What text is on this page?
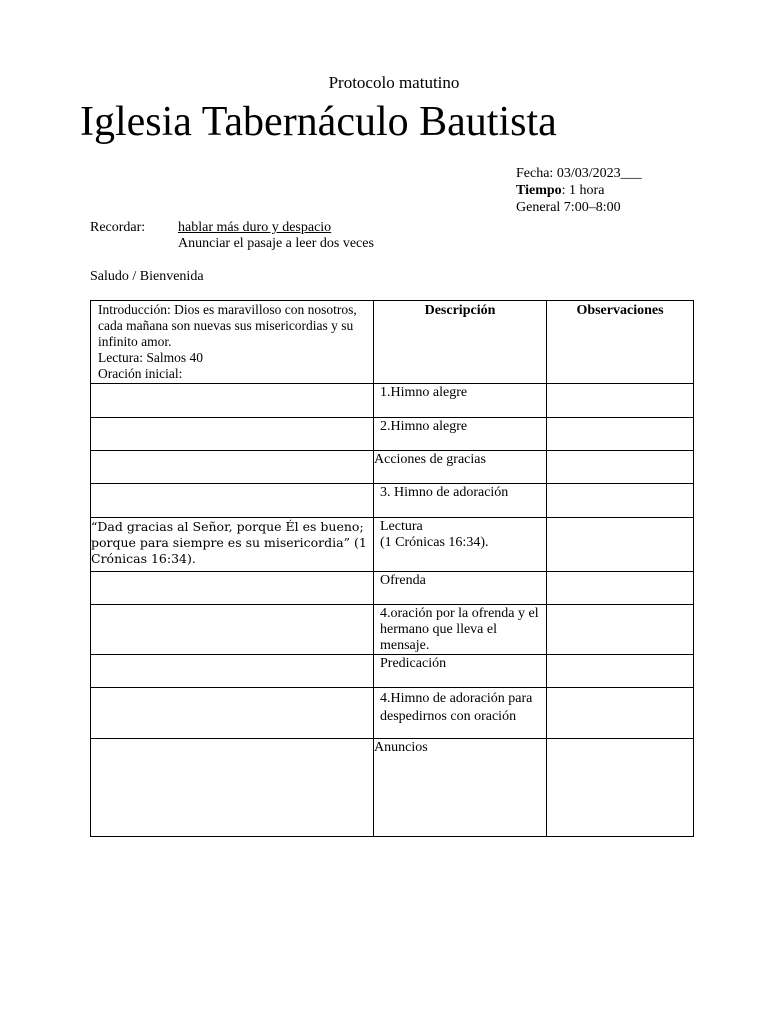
Protocolo matutino
Iglesia Tabernáculo Bautista
Fecha: 03/03/2023___
Tiempo: 1 hora
General 7:00–8:00
Recordar: hablar más duro y despacio
Anunciar el pasaje a leer dos veces
Saludo / Bienvenida
Introducción: Dios es maravilloso con nosotros,
cada mañana son nuevas sus misericordias y su
infinito amor.
Lectura: Salmos 40
Oración inicial:	Descripción	Observaciones
	1.Himno alegre	
	2.Himno alegre	
	Acciones de gracias	
	3. Himno de adoración	

“Dad gracias al Señor, porque Él es bueno;
porque para siempre es su misericordia” (1
Crónicas 16:34).	Lectura
(1 Crónicas 16:34).	

	Ofrenda	

	4.oración por la ofrenda y el
hermano que lleva el
mensaje.	

	Predicación	

	4.Himno de adoración para
despedirnos con oración	

	Anuncios	
